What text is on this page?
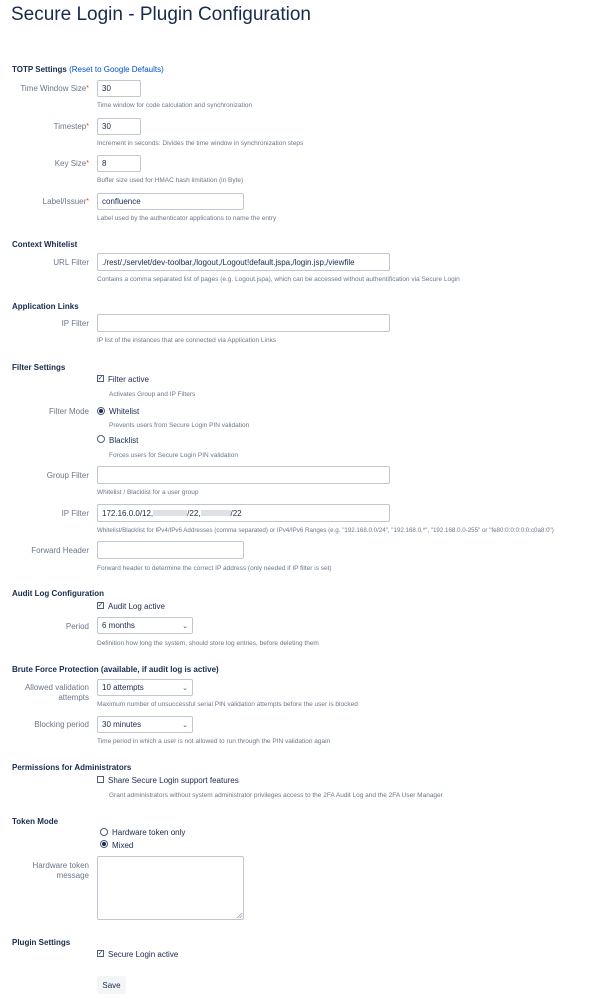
Secure Login - Plugin Configuration
TOTP Settings (Reset to Google Defaults)
Time Window Size*	30
Time window for code calculation and synchronization
Timestep*	30
Increment in seconds: Divides the time window in synchronization steps
Key Size*	8
Buffer size used for HMAC hash limitation (in Byte)
Label/Issuer*	confluence
Label used by the authenticator applications to name the entry
Context Whitelist
URL Filter	./rest/,/servlet/dev-toolbar,/logout,/Logout!default.jspa,/login.jsp,/viewfile
Contains a comma separated list of pages (e.g. Logout.jspa), which can be accessed without authentification via Secure Login
Application Links
IP Filter
IP list of the instances that are connected via Application Links
Filter Settings
✓ Filter active
Activates Group and IP Filters
Filter Mode	Whitelist
Prevents users from Secure Login PIN validation
Blacklist
Forces users for Secure Login PIN validation
Group Filter
Whitelist / Blacklist for a user group
IP Filter 172.16.0.0/12,	/22,	/22
Whitelist/Blacklist for IPv4/IPv6 Addresses (comma separated) or IPv4/IPv6 Ranges (e.g. "192.168.0.0/24", "192.168.0.*", "192.168.0.0-255" or "fe80:0:0:0:0:0:c0a8:0")
Forward Header
Forward header to determine the correct IP address (only needed if IP filter is set)
Audit Log Configuration
✓ Audit Log active
Period 6 months	⌄
Definition how long the system, should store log entries, before deleting them
Brute Force Protection (available, if audit log is active)
Allowed validation
attempts
10 attempts	⌄
Maximum number of unsuccessful serial PIN validation attempts before the user is blocked
Blocking period 30 minutes	⌄
Time period in which a user is not allowed to run through the PIN validation again
Permissions for Administrators
Share Secure Login support features
Grant administrators without system administrator privileges access to the 2FA Audit Log and the 2FA User Manager
Token Mode
Hardware token only
Mixed
Hardware token
message
Plugin Settings
✓ Secure Login active
Save
